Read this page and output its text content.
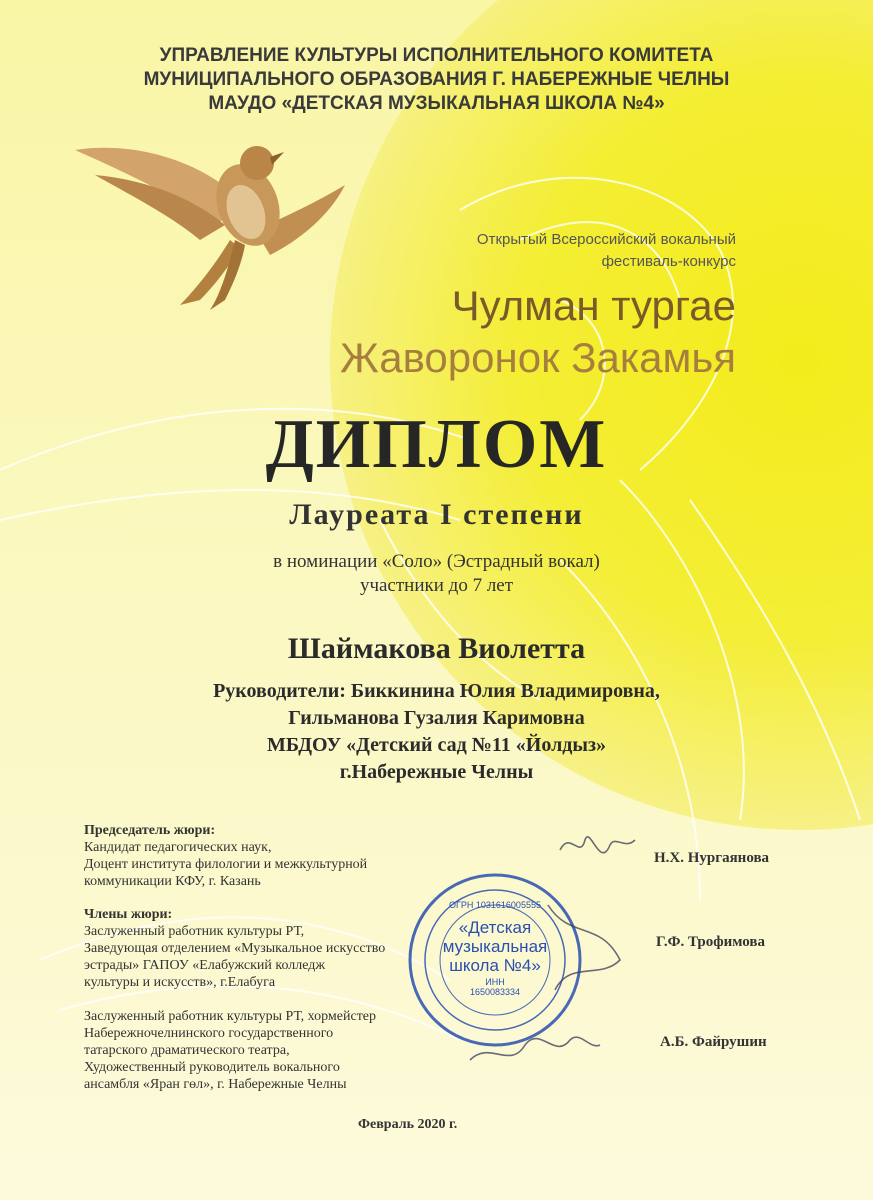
УПРАВЛЕНИЕ КУЛЬТУРЫ ИСПОЛНИТЕЛЬНОГО КОМИТЕТА
МУНИЦИПАЛЬНОГО ОБРАЗОВАНИЯ Г. НАБЕРЕЖНЫЕ ЧЕЛНЫ
МАУДО «ДЕТСКАЯ МУЗЫКАЛЬНАЯ ШКОЛА №4»
Открытый Всероссийский вокальный
фестиваль-конкурс
Чулман тургае
Жаворонок Закамья
ДИПЛОМ
Лауреата I степени
в номинации «Соло» (Эстрадный вокал)
участники до 7 лет
Шаймакова Виолетта
Руководители: Биккинина Юлия Владимировна,
Гильманова Гузалия Каримовна
МБДОУ «Детский сад №11 «Йолдыз»
г.Набережные Челны
Председатель жюри:
Кандидат педагогических наук,
Доцент института филологии и межкультурной
коммуникации КФУ, г. Казань
Члены жюри:
Заслуженный работник культуры РТ,
Заведующая отделением «Музыкальное искусство
эстрады» ГАПОУ «Елабужский колледж
культуры и искусств», г.Елабуга
Заслуженный работник культуры РТ, хормейстер
Набережночелнинского государственного
татарского драматического театра,
Художественный руководитель вокального
ансамбля «Яран гөл», г. Набережные Челны
ОГРН 1031616005555
«Детская
музыкальная
школа №4»
ИНН
1650083334
Н.Х. Нургаянова
Г.Ф. Трофимова
А.Б. Файрушин
Февраль 2020 г.
